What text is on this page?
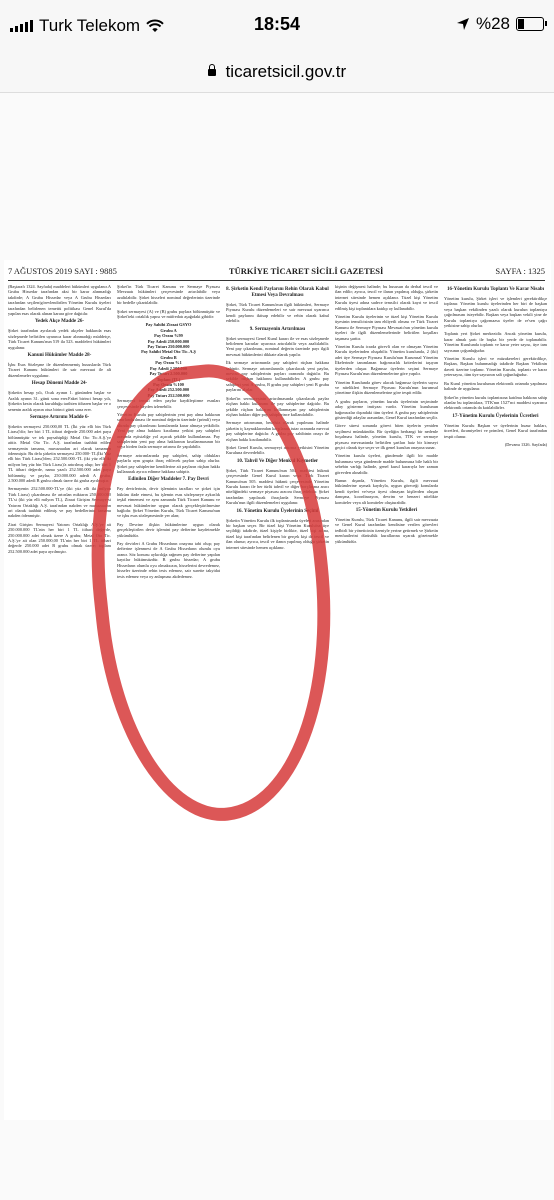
Turk Telekom	18:54	%28
ticaretsicil.gov.tr
7 AĞUSTOS 2019 SAYI : 9885	TÜRKİYE TİCARET SİCİLİ GAZETESİ	SAYFA : 1325

(Baştarafı 1324. Sayfada) maddeleri hükümleri uygulanır.A Grubu Hissedar tarafından aksi bir karar alınmadığı takdirde; A Grubu Hissedar veya A Grubu Hissedarı tarafından seçilen/görevlendirilen Yönetim Kurulu üyeleri tarafından belirlenen temettü politikası Genel Kurul'da yapılan esas olarak alınan karara göre dağıtılır.

Yedek Akçe Madde 26-

Şirket tarafından ayrılacak yedek akçeler hakkında esas sözleşmede belirtilen uyarınca karar alınmadığı müddetçe, Türk Ticaret Kanunu'nun 519 ila 523. maddeleri hükümleri uygulanır.

Kanuni Hükümler Madde 28-

İşbu Esas Sözleşme ile düzenlenmemiş hususlarda Türk Ticaret Kanunu hükümleri ile sair mevzuat ile alt düzenlemeler uygulanır.

Hesap Dönemi Madde 24-

Şirketin hesap yılı, Ocak ayının 1. gününden başlar ve Aralık ayının 31. günü sona erer.Faket birinci hesap yılı, Şirketin kesin olarak kurulduğu tarihten itibaren başlar ve o senenin aralık ayının otuz birinci günü sona erer.

Sermaye Artırımı Madde 6-

Şirketin sermayesi 250.000,00 TL (İki yüz elli bin Türk Lirası)'dir; her biri 1 TL itibari değerde 250.000 adet paya bölünmüştür ve tek paysahipliği Metal Oto Tic.A.Ş.'ye aittir. Metal Oto Tic. A.Ş. tarafından taahhüt edilen sermayenin tamamı, muvazaadan ari olarak tamamen ödenmiştir. Bu defa şirketin sermayesi 250.000- TL(İki Yüz elli bin Türk Lirası)'den; 252.500.000.-TL (iki yüz elli iki milyon beş yüz bin Türk Lirası)'a artırılmış olup; her biri 1 TL itibari değerde, nama yazılı 252.500.000 adet paya bölünmüş; ve paylar, 250.000.000 adedi A grubu, 2.500.000 adedi B grubu olmak üzere iki gruba ayrılmıştır.

Sermayenin 252.500.000-TL'ye (iki yüz elli iki milyon Türk Lirası) çıkarılması ile artırılan miktarın 250.000.000 TL'si (iki yüz elli milyon TL), Ziraat Girişim Sermaye-si Yatırım Ortaklığı A.Ş. tarafından nakden ve muvazaadan ari olarak taahhüt edilmiş ve pay bedellerinin tamamı nakden ödenmiştir.

Zirat Girişim Sermayesi Yatırım Ortaklığı A.Ş.'ye ait 250.000.000 TL'nin her biri 1 TL itibari değerde, 250.000.000 adet olmak üzere A grubu; Metal Oto Tic. A.Ş.'ye ait olan 250.000,00 TL'nin her biri 1 TL itibari değerde 250.000 adet B grubu olmak üzere; toplam 252.500.000 adet paya ayrılmıştır.

Şirket'in Türk Ticaret Kanunu ve Sermaye Piyasası Mevzuatı hükümleri çerçevesinde artırılabilir veya azaltılabilir. Şirket hisseleri nominal değerlerinin üzerinde bir bedelle çıkartılabilir.

Şirket sermayesi (A) ve (B) grubu paylara bölünmüştür ve Şirket'teki ortaklık yapısı ve müfredatı aşağıdaki gibidir:

Pay Sahibi Ziraat GSYO
Grubu A
Pay Oranı %99
Pay Adedi 250.000.000
Pay Tutarı 250.000.000
Pay Sahibi Metal Oto Tic. A.Ş
Grubu B
Pay Oranı %1
Pay Adedi 2.500.000
Pay Tutarı 2.500.000
Toplam (TL)
Pay Oranı %100
Pay Adedi 252.500.000
Pay Tutarı 252.500.000

Sermayeyi temsil eden paylar kaydileştirme esasları çerçevesinde kayden izlenebilir.

Yönetim Kurulu pay sahiplerinin yeni pay alma hakkının sınırlandırılması ile nominal değerin üzerinde (primli) veya altında pay çıkarılması konularında karar almaya yetkilidir. Yeni pay alma hakkını kısıtlama yetkisi pay sahipleri arasında eşitsizliğe yol açacak şekilde kullanılamaz. Pay sahiplerinin yeni pay alma haklarının kısıtlanmasının bir veya birden fazla sermaye artırımı ile yapılabilir.

Sermaye artırımlarında pay sahipleri, sahip oldukları paylarla aynı grupta ihraç edilecek payları sahip olurlar. Şirket pay sahiplerine kendilerine ait payların rüçhan hakkı kullanarak ayrıca edinme hakkına sahiptir.

Edinilen Diğer Maddeler 7. Pay Devri

Pay devirlerinin, devir işleminin tarafları ve şirket için hüküm ifade etmesi, bu işlemin esas sözleşmeye aykırılık teşkil etmemesi ve aynı zamanda Türk Ticaret Kanunu ve mevzuat hükümlerine uygun olarak gerçekleştirilmesine bağlıdır. Şirket Yönetim Kurulu, Türk Ticaret Kanunu'nun ve işbu esas sözleşmesinde yer alan;

Pay Devrine ilişkin hükümlerine uygun olarak gerçekleştirilen devir işlemini pay defterine kaydetmekle yükümlüdür.

Pay devirleri A Grubu Hissedarın onayına tabi olup; pay defterine işlenmesi de A Grubu Hissedarın olumlu oyu aranır. Söz konusu aykırılığa rağmen pay defterine yapılan kayıtlar hükümsüzdür. B grubu hissedar; A grubu Hissedarın olumlu oyu olmaksızın, hisselerini devredemez, hisseler üzerinde rehin tesis edemez, sair surette takyidat tesis edemez veya oy anlaşması akdedemez.

8. Şirketin Kendi Paylarını Rehin Olarak Kabul Etmesi Veya Devralması

Şirket, Türk Ticaret Kanunu'nun ilgili hükümleri, Sermaye Piyasası Kurulu düzenlemeleri ve sair mevzuat uyarınca kendi paylarını iktisap edebilir ve rehin olarak kabul edebilir.

9. Sermayenin Artırılması

Şirket sermayesi Genel Kurul kararı ile ve esas sözleşmede belirlenen kararlar uyarınca artırılabilir veya azaltılabilir. Yeni pay çıkarılması, nominal değerin üzerinde payı ilgili mevzuat hükümlerini dikkate alarak yapılır.

İlk sermaye artırımında pay sahipleri rüçhan hakkına sahiptir. Sermaye artırımlarında çıkarılacak yeni paylar, mevcut pay sahiplerinin payları oranında dağıtılır. Bu şekilde rüçhan haklarını kullanabilirler. A grubu pay sahipleri yeni A grubu, B grubu pay sahipleri yeni B grubu paylarını alırlar.

Şirket'in sermayesinin artırılmasında çıkarılacak paylar rüçhan hakkı kullanımı ile pay sahiplerine dağıtılır. Bu şekilde rüçhan haklarını kullanmayan pay sahiplerinin rüçhan hakları diğer pay sahiplerince kullanılabilir.

Sermaye artırımının, bedelsiz olarak yapılması halinde şirketin iç kaynaklarından karşılanan tutar oranında mevcut pay sahiplerine dağıtılır. A grubu pay sahibinin onayı ile rüçhan hakkı kısıtlanabilir.

Şirket Genel Kurulu, sermayeyi artırma yetkisini Yönetim Kuruluna devredebilir.

10. Tahvil Ve Diğer Menkul Kıymetler

Şirket, Türk Ticaret Kanunu'nun 504. maddesi hükmü çerçevesinde Genel Kurul kararı veya Türk Ticaret Kanunu'nun 505. maddesi hükmü çerçevesinde Yönetim Kurulu kararı ile her türlü tahvil ve diğer borçlanma aracı niteliğindeki sermaye piyasası aracını ihraç edebilir. Şirket tarafından yapılacak ihraçlarda Sermaye Piyasası Kurulu'nun ilgili düzenlemeleri uygulanır.

16. Yönetim Kurulu Üyelerinin Seçimi

Şirketin Yönetim Kurulu ilk toplantısında üyeleri arasından bir başkan seçer. Bir tüzel kişi Yönetim Kurulu'na üye seçildiği takdirde, tüzel kişiyle birlikte, tüzel kişi adına, tüzel kişi tarafından belirlenen bir gerçek kişi de tescil ve ilan olunur; ayrıca, tescil ve ilanın yapılmış olduğu şirketin internet sitesinde hemen açıklanır.

kişinin değişmesi halinde; bu hususun da derhal tescil ve ilan edilir; ayrıca, tescil ve ilanın yapılmış olduğu, şirketin internet sitesinde hemen açıklanır. Tüzel kişi Yönetim Kurulu üyesi adına sadece temsilci olarak kayıt ve tescil edilmiş kişi toplantılara katılıp oy kullanabilir.

Yönetim Kurulu üyelerinin ve tüzel kişi Yönetim Kurulu üyesinin temsilcisinin tam ehliyetli olması ve Türk Ticaret Kanunu ile Sermaye Piyasası Mevzuatı'nın yönetim kurulu üyeleri ile ilgili düzenlemelerinde belirtilen koşulları taşıması şarttır.

Yönetim Kurulu icrada görevli olan ve olmayan Yönetim Kurulu üyelerinden oluşabilir. Yönetim kurulunda, 2 (iki) adet üye Sermaye Piyasası Kurulu'nun Kurumsal Yönetim İlkelerinde tanımlanan bağımsızlık kriterlerini taşıyan üyelerden oluşur. Bağımsız üyelerin seçimi Sermaye Piyasası Kurulu'nun düzenlemelerine göre yapılır.

Yönetim Kurulunda görev alacak bağımsız üyelerin sayısı ve nitelikleri Sermaye Piyasası Kurulu'nun kurumsal yönetime ilişkin düzenlemelerine göre tespit edilir.

A grubu payların, yönetim kurulu üyelerinin seçiminde aday gösterme imtiyazı vardır. Yönetim kurulunun bağımsızlar dışındaki tüm üyeleri A grubu pay sahiplerinin gösterdiği adaylar arasından, Genel Kurul tarafından seçilir.

Görev süresi sonunda görevi biten üyelerin yeniden seçilmesi mümkündür. Bir üyeliğin herhangi bir nedenle boşalması halinde, yönetim kurulu, TTK ve sermaye piyasası mevzuatında belirtilen şartları haiz bir kimseyi geçici olarak üye seçer ve ilk genel kurulun onayına sunar.

Yönetim kurulu üyeleri, gündemde ilgili bir madde bulunması veya gündemde madde bulunmasa bile haklı bir sebebin varlığı halinde, genel kurul kararıyla her zaman görevden alınabilir.

Bunun dışında, Yönetim Kurulu, ilgili mevzuat hükümlerine uymak kaydıyla, uygun göreceği konularda kendi üyeleri ve/veya üyesi olmayan kişilerden oluşan danışma, koordinasyon, devrim ve benzeri nitelikte komiteler veya alt komiteler oluşturabilir.

15-Yönetim Kurulu Yetkileri

Yönetim Kurulu, Türk Ticaret Kanunu, ilgili sair mevzuata ve Genel Kurul tarafından kendisine verilen görevleri tedbirli bir yöneticinin özeniyle yerine getirmek ve Şirketin menfaatlerini dürüstlük kurallarına uyarak gözetmekle yükümlüdür.

16-Yönetim Kurulu Toplantı Ve Karar Nisabı

Yönetim kurulu, Şirket işleri ve işlemleri gerektirdikçe toplanır. Yönetim kurulu üyelerinden her biri de başkan veya başkan vekilinden yazılı olarak kurulun toplantıya çağrılmasını isteyebilir. Başkan veya başkan vekili yine de Kurulu toplantıya çağırmazsa üyeler de re'sen çağrı yetkisine sahip olurlar.

Toplantı yeri Şirket merkezidir. Ancak yönetim kurulu, karar almak şartı ile başka bir yerde de toplanabilir. Yönetim Kurulunda toplantı ve karar yeter sayısı, üye tam sayısının çoğunluğudur.

Yönetim Kurulu işleri ve müzakereleri gerektirdikçe, Başkan, Başkan bulunmadığı takdirde Başkan Vekilinin daveti üzerine toplanır. Yönetim Kurulu, toplantı ve karar yetersayısı, tüm üye sayısının salt çoğunluğudur.

Bu Kurul yönetim kurulunun elektronik ortamda yapılması halinde de uygulanır.

Şirket'in yönetim kurulu toplantısına katılma hakkına sahip olanlar bu toplantılara, TTK'nın 1527'nci maddesi uyarınca elektronik ortamda da katılabilirler.

17-Yönetim Kurulu Üyelerinin Ücretleri

Yönetim Kurulu Başkan ve üyelerinin huzur hakları, ücretleri, ikramiyeleri ve primleri, Genel Kurul tarafından tespit olunur.

(Devamı 1326. Sayfada)
